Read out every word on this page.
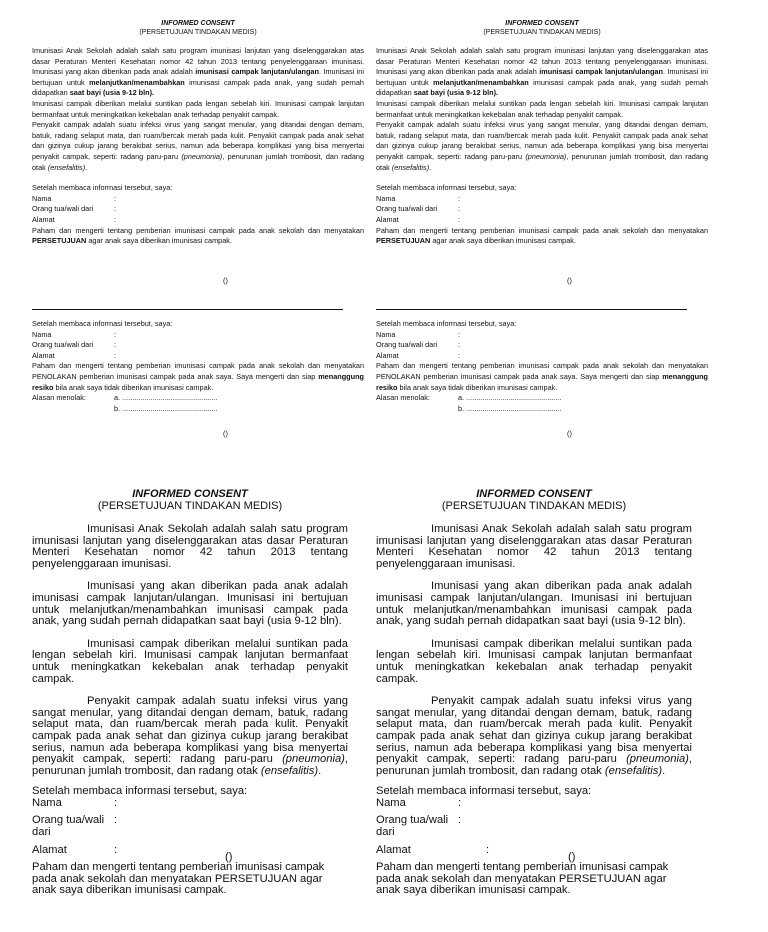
INFORMED CONSENT
(PERSETUJUAN TINDAKAN MEDIS)

Imunisasi Anak Sekolah adalah salah satu program imunisasi lanjutan yang diselenggarakan atas dasar Peraturan Menteri Kesehatan nomor 42 tahun 2013 tentang penyelenggaraan imunisasi. Imunisasi yang akan diberikan pada anak adalah imunisasi campak lanjutan/ulangan. Imunisasi ini bertujuan untuk melanjutkan/menambahkan imunisasi campak pada anak, yang sudah pernah didapatkan saat bayi (usia 9-12 bln).

Imunisasi campak diberikan melalui suntikan pada lengan sebelah kiri. Imunisasi campak lanjutan bermanfaat untuk meningkatkan kekebalan anak terhadap penyakit campak.

Penyakit campak adalah suatu infeksi virus yang sangat menular, yang ditandai dengan demam, batuk, radang selaput mata, dan ruam/bercak merah pada kulit. Penyakit campak pada anak sehat dan gizinya cukup jarang berakibat serius, namun ada beberapa komplikasi yang bisa menyertai penyakit campak, seperti: radang paru-paru (pneumonia), penurunan jumlah trombosit, dan radang otak (ensefalitis).

Setelah membaca informasi tersebut, saya:
Nama	:
Orang tua/wali dari	:
Alamat	:

Paham dan mengerti tentang pemberian imunisasi campak pada anak sekolah dan menyatakan PERSETUJUAN agar anak saya diberikan imunisasi campak.

()
Setelah membaca informasi tersebut, saya:
Nama	:
Orang tua/wali dari	:
Alamat	:

Paham dan mengerti tentang pemberian imunisasi campak pada anak sekolah dan menyatakan PENOLAKAN pemberian imunisasi campak pada anak saya. Saya mengerti dan siap menanggung resiko bila anak saya tidak diberikan imunisasi campak.

Alasan menolak:	a. ...............................................
b. ...............................................
()
INFORMED CONSENT
(PERSETUJUAN TINDAKAN MEDIS)

Imunisasi Anak Sekolah adalah salah satu program imunisasi lanjutan yang diselenggarakan atas dasar Peraturan Menteri Kesehatan nomor 42 tahun 2013 tentang penyelenggaraan imunisasi. Imunisasi yang akan diberikan pada anak adalah imunisasi campak lanjutan/ulangan. Imunisasi ini bertujuan untuk melanjutkan/menambahkan imunisasi campak pada anak, yang sudah pernah didapatkan saat bayi (usia 9-12 bln).

Imunisasi campak diberikan melalui suntikan pada lengan sebelah kiri. Imunisasi campak lanjutan bermanfaat untuk meningkatkan kekebalan anak terhadap penyakit campak.

Penyakit campak adalah suatu infeksi virus yang sangat menular, yang ditandai dengan demam, batuk, radang selaput mata, dan ruam/bercak merah pada kulit. Penyakit campak pada anak sehat dan gizinya cukup jarang berakibat serius, namun ada beberapa komplikasi yang bisa menyertai penyakit campak, seperti: radang paru-paru (pneumonia), penurunan jumlah trombosit, dan radang otak (ensefalitis).

Setelah membaca informasi tersebut, saya:
Nama	:
Orang tua/wali dari	:
Alamat	:

Paham dan mengerti tentang pemberian imunisasi campak pada anak sekolah dan menyatakan PERSETUJUAN agar anak saya diberikan imunisasi campak.

()
Setelah membaca informasi tersebut, saya:
Nama	:
Orang tua/wali dari	:
Alamat	:

Paham dan mengerti tentang pemberian imunisasi campak pada anak sekolah dan menyatakan PENOLAKAN pemberian imunisasi campak pada anak saya. Saya mengerti dan siap menanggung resiko bila anak saya tidak diberikan imunisasi campak.

Alasan menolak:	a. ...............................................
b. ...............................................
()
INFORMED CONSENT
(PERSETUJUAN TINDAKAN MEDIS)

Imunisasi Anak Sekolah adalah salah satu program imunisasi lanjutan yang diselenggarakan atas dasar Peraturan Menteri Kesehatan nomor 42 tahun 2013 tentang penyelenggaraan imunisasi.

Imunisasi yang akan diberikan pada anak adalah imunisasi campak lanjutan/ulangan. Imunisasi ini bertujuan untuk melanjutkan/menambahkan imunisasi campak pada anak, yang sudah pernah didapatkan saat bayi (usia 9-12 bln).

Imunisasi campak diberikan melalui suntikan pada lengan sebelah kiri. Imunisasi campak lanjutan bermanfaat untuk meningkatkan kekebalan anak terhadap penyakit campak.

Penyakit campak adalah suatu infeksi virus yang sangat menular, yang ditandai dengan demam, batuk, radang selaput mata, dan ruam/bercak merah pada kulit. Penyakit campak pada anak sehat dan gizinya cukup jarang berakibat serius, namun ada beberapa komplikasi yang bisa menyertai penyakit campak, seperti: radang paru-paru (pneumonia), penurunan jumlah trombosit, dan radang otak (ensefalitis).

Setelah membaca informasi tersebut, saya:
Nama	:
Orang tua/wali dari
:
Alamat	:

Paham dan mengerti tentang pemberian imunisasi campak pada anak sekolah dan menyatakan PERSETUJUAN agar anak saya diberikan imunisasi campak.

()
INFORMED CONSENT
(PERSETUJUAN TINDAKAN MEDIS)

Imunisasi Anak Sekolah adalah salah satu program imunisasi lanjutan yang diselenggarakan atas dasar Peraturan Menteri Kesehatan nomor 42 tahun 2013 tentang penyelenggaraan imunisasi.

Imunisasi yang akan diberikan pada anak adalah imunisasi campak lanjutan/ulangan. Imunisasi ini bertujuan untuk melanjutkan/menambahkan imunisasi campak pada anak, yang sudah pernah didapatkan saat bayi (usia 9-12 bln).

Imunisasi campak diberikan melalui suntikan pada lengan sebelah kiri. Imunisasi campak lanjutan bermanfaat untuk meningkatkan kekebalan anak terhadap penyakit campak.

Penyakit campak adalah suatu infeksi virus yang sangat menular, yang ditandai dengan demam, batuk, radang selaput mata, dan ruam/bercak merah pada kulit. Penyakit campak pada anak sehat dan gizinya cukup jarang berakibat serius, namun ada beberapa komplikasi yang bisa menyertai penyakit campak, seperti: radang paru-paru (pneumonia), penurunan jumlah trombosit, dan radang otak (ensefalitis).

Setelah membaca informasi tersebut, saya:
Nama	:
Orang tua/wali dari
:
Alamat	:

Paham dan mengerti tentang pemberian imunisasi campak pada anak sekolah dan menyatakan PERSETUJUAN agar anak saya diberikan imunisasi campak.

()
